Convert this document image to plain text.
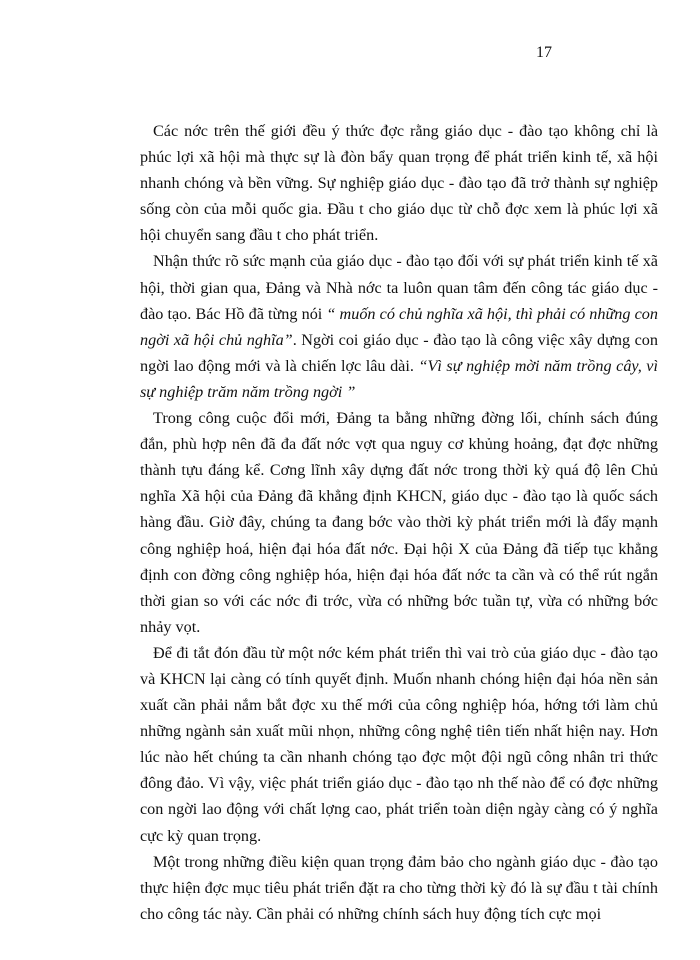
17

Các nớc trên thế giới đều ý thức đợc rằng giáo dục - đào tạo không chỉ là phúc lợi xã hội mà thực sự là đòn bẩy quan trọng để phát triển kinh tế, xã hội nhanh chóng và bền vững. Sự nghiệp giáo dục - đào tạo đã trở thành sự nghiệp sống còn của mỗi quốc gia. Đầu t cho giáo dục từ chỗ đợc xem là phúc lợi xã hội chuyển sang đầu t cho phát triển.

Nhận thức rõ sức mạnh của giáo dục - đào tạo đối với sự phát triển kinh tế xã hội, thời gian qua, Đảng và Nhà nớc ta luôn quan tâm đến công tác giáo dục - đào tạo. Bác Hồ đã từng nói “ muốn có chủ nghĩa xã hội, thì phải có những con ngời xã hội chủ nghĩa”. Ngời coi giáo dục - đào tạo là công việc xây dựng con ngời lao động mới và là chiến lợc lâu dài. “Vì sự nghiệp mời năm trồng cây, vì sự nghiệp trăm năm trồng ngời ”

Trong công cuộc đổi mới, Đảng ta bằng những đờng lối, chính sách đúng đắn, phù hợp nên đã đa đất nớc vợt qua nguy cơ khủng hoảng, đạt đợc những thành tựu đáng kể. Cơng lĩnh xây dựng đất nớc trong thời kỳ quá độ lên Chủ nghĩa Xã hội của Đảng đã khẳng định KHCN, giáo dục - đào tạo là quốc sách hàng đầu. Giờ đây, chúng ta đang bớc vào thời kỳ phát triển mới là đẩy mạnh công nghiệp hoá, hiện đại hóa đất nớc. Đại hội X của Đảng đã tiếp tục khẳng định con đờng công nghiệp hóa, hiện đại hóa đất nớc ta cần và có thể rút ngắn thời gian so với các nớc đi trớc, vừa có những bớc tuần tự, vừa có những bớc nhảy vọt.

Để đi tắt đón đầu từ một nớc kém phát triển thì vai trò của giáo dục - đào tạo và KHCN lại càng có tính quyết định. Muốn nhanh chóng hiện đại hóa nền sản xuất cần phải nắm bắt đợc xu thế mới của công nghiệp hóa, hớng tới làm chủ những ngành sản xuất mũi nhọn, những công nghệ tiên tiến nhất hiện nay. Hơn lúc nào hết chúng ta cần nhanh chóng tạo đợc một đội ngũ công nhân tri thức đông đảo. Vì vậy, việc phát triển giáo dục - đào tạo nh thế nào để có đợc những con ngời lao động với chất lợng cao, phát triển toàn diện ngày càng có ý nghĩa cực kỳ quan trọng.

Một trong những điều kiện quan trọng đảm bảo cho ngành giáo dục - đào tạo thực hiện đợc mục tiêu phát triển đặt ra cho từng thời kỳ đó là sự đầu t tài chính cho công tác này. Cần phải có những chính sách huy động tích cực mọi
